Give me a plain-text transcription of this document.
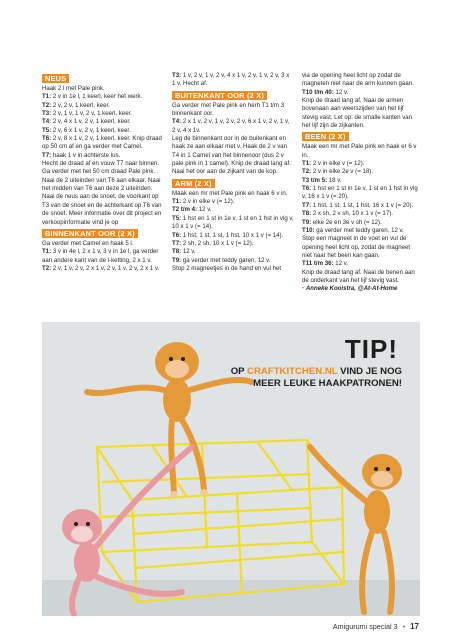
NEUS

Haak 2 l met Pale pink.

T1: 2 v in 1e l, 1 keerl, keer het werk.

T2: 2 v, 2 v, 1 keerl, keer.

T3: 2 v, 1 v, 1 v, 2 v, 1 keerl, keer.

T4: 2 v, 4 x 1 v, 2 v, 1 keerl, keer.

T5: 2 v, 6 x 1 v, 2 v, 1 keerl, keer.

T6: 2 v, 8 x 1 v, 2 v, 1 keerl, keer. Knip draad op 50 cm af en ga verder met Camel.

T7: haak 1 v in achterste lus.

Hecht de draad af en vouw T7 naar binnen. Ga verder met het 50 cm draad Pale pink. Naai de 2 uiteinden van T6 aan elkaar. Naai het midden van T6 aan deze 2 uiteinden. Naai de neus aan de snoet, de voorkant op T3 van de snoet en de achterkant op T6 van de snoet. Meer informatie over dit project en verkoopinformatie vind je op

BINNENKANT OOR (2 X)

Ga verder met Camel en haak 5 l.

T1: 3 v in 4e l, 2 x 1 v, 3 v in 1e l, ga verder aan andere kant van de l-ketting, 2 x 1 v.

T2: 2 v, 1 v, 2 v, 2 x 1 v, 2 v, 1 v, 2 v, 2 x 1 v.

T3: 1 v, 2 v, 1 v, 2 v, 4 x 1 v, 2 v, 1 v, 2 v, 3 x 1 v. Hecht af.

BUITENKANT OOR (2 X)

Ga verder met Pale pink en herh T1 t/m 3 binnenkant oor.

T4: 2 x 1 v, 2 v, 1 v, 2 v, 2 v, 6 x 1 v, 2 v, 1 v, 2 v, 4 x 1v.

Leg de binnenkant oor in de buitenkant en haak ze aan elkaar met v. Haak de 2 v van T4 in 1 Camel van het binnenoor (dus 2 v pale pink in 1 camel). Knip de draad lang af. Naai het oor aan de zijkant van de kop.

ARM (2 X)

Maak een mr met Pale pink en haak 6 v in.

T1: 2 v in elke v (= 12).

T2 t/m 4: 12 v.

T5: 1 hst en 1 st in 1e v, 1 st en 1 hst in vlg v, 10 x 1 v (= 14).

T6: 1 hst, 1 st, 1 st, 1 hst, 10 x 1 v (= 14).

T7: 2 sh, 2 sh, 10 x 1 v (= 12).

T8: 12 v.

T9: ga verder met teddy garen, 12 v.

Stop 2 magneetjes in de hand en vul het

via de opening heel licht op zodat de magneten niet naar de arm kunnen gaan.

T10 t/m 40: 12 v.

Knip de draad lang af. Naai de armen bovenaan aan weerszijden van het lijf stevig vast. Let op: de smalle kanten van het lijf zijn de zijkanten.

BEEN (2 X)

Maak een mr met Pale pink en haak er 6 v in.

T1: 2 v in elke v (= 12).

T2: 2 v in elke 2e v (= 18).

T3 t/m 5: 18 v.

T6: 1 hst en 1 st in 1e v, 1 st en 1 hst in vlg v, 16 x 1 v (= 20).

T7: 1 hst, 1 st, 1 st, 1 hst, 16 x 1 v (= 20).

T8: 2 x sh, 2 v sh, 10 x 1 v (= 17).

T9: elke 2e en 3e v sh (= 12).

T10: ga verder met teddy garen, 12 v.

Stop een magneet in de voet en vul de opening heel licht op, zodat de magneet niet naar het been kan gaan.

T11 t/m 36: 12 v.

Knip de draad lang af. Naai de benen aan de onderkant van het lijf stevig vast.

• Anneke Kooistra, @At-At-Home

TIP!
OP CRAFTKITCHEN.NL VIND JE NOG
MEER LEUKE HAAKPATRONEN!
Amigurumi special 3 • 17
